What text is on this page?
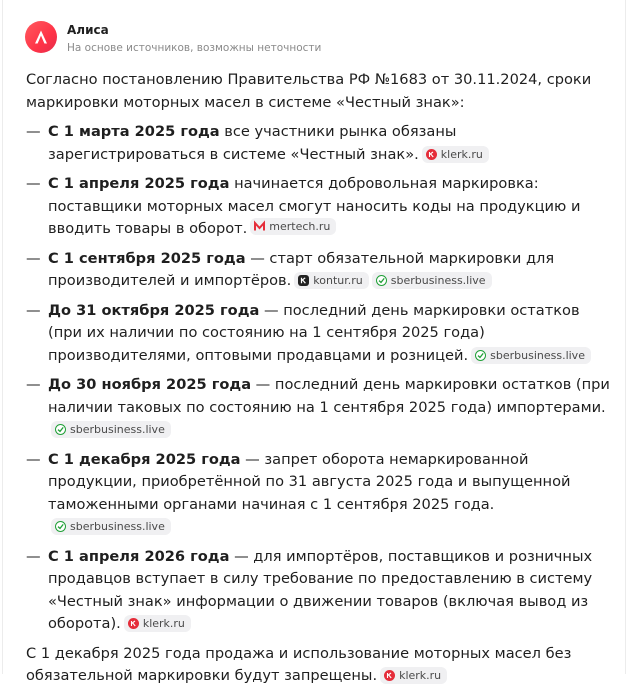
Алиса
На основе источников, возможны неточности

Согласно постановлению Правительства РФ №1683 от 30.11.2024, сроки маркировки моторных масел в системе «Честный знак»:

— С 1 марта 2025 года все участники рынка обязаны зарегистрироваться в системе «Честный знак». klerk.ru
— С 1 апреля 2025 года начинается добровольная маркировка: поставщики моторных масел смогут наносить коды на продукцию и вводить товары в оборот. mertech.ru
— С 1 сентября 2025 года — старт обязательной маркировки для производителей и импортёров. kontur.ru	sberbusiness.live
— До 31 октября 2025 года — последний день маркировки остатков (при их наличии по состоянию на 1 сентября 2025 года) производителями, оптовыми продавцами и розницей. sberbusiness.live
— До 30 ноября 2025 года — последний день маркировки остатков (при наличии таковых по состоянию на 1 сентября 2025 года) импортерами.
sberbusiness.live
— С 1 декабря 2025 года — запрет оборота немаркированной продукции, приобретённой по 31 августа 2025 года и выпущенной таможенными органами начиная с 1 сентября 2025 года.
sberbusiness.live
— С 1 апреля 2026 года — для импортёров, поставщиков и розничных продавцов вступает в силу требование по предоставлению в систему «Честный знак» информации о движении товаров (включая вывод из оборота). klerk.ru

С 1 декабря 2025 года продажа и использование моторных масел без обязательной маркировки будут запрещены. klerk.ru
